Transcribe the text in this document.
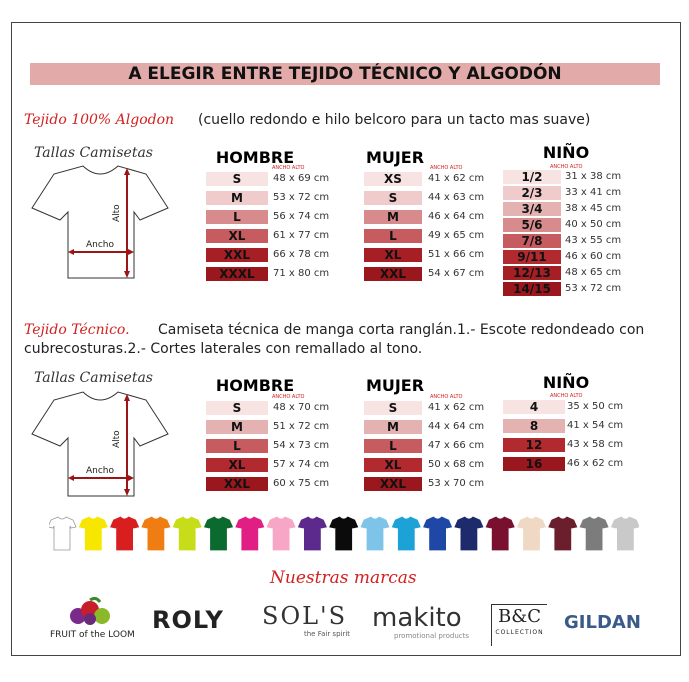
A ELEGIR ENTRE TEJIDO TÉCNICO Y ALGODÓN
Tejido 100% Algodon (cuello redondo e hilo belcoro para un tacto mas suave)
Tallas Camisetas
Ancho
Alto
HOMBRE
ANCHO ALTO
S	48 x 69 cm
M	53 x 72 cm
L	56 x 74 cm
XL	61 x 77 cm
XXL	66 x 78 cm
XXXL	71 x 80 cm
MUJER
ANCHO ALTO
XS	41 x 62 cm
S	44 x 63 cm
M	46 x 64 cm
L	49 x 65 cm
XL	51 x 66 cm
XXL	54 x 67 cm
NIÑO
ANCHO ALTO
1/2	31 x 38 cm
2/3	33 x 41 cm
3/4	38 x 45 cm
5/6	40 x 50 cm
7/8	43 x 55 cm
9/11	46 x 60 cm
12/13	48 x 65 cm
14/15	53 x 72 cm
Tejido Técnico. Camiseta técnica de manga corta ranglán.1.- Escote redondeado con
cubrecosturas.2.- Cortes laterales con remallado al tono.
Tallas Camisetas
Ancho
Alto
HOMBRE
ANCHO ALTO
S	48 x 70 cm
M	51 x 72 cm
L	54 x 73 cm
XL	57 x 74 cm
XXL	60 x 75 cm
MUJER
ANCHO ALTO
S	41 x 62 cm
M	44 x 64 cm
L	47 x 66 cm
XL	50 x 68 cm
XXL	53 x 70 cm
NIÑO
ANCHO ALTO
4	35 x 50 cm
8	41 x 54 cm
12	43 x 58 cm
16	46 x 62 cm
Nuestras marcas
FRUIT of the LOOM
ROLY SOL'S
the Fair spirit
makito
promotional products
B&C
COLLECTION GILDAN
